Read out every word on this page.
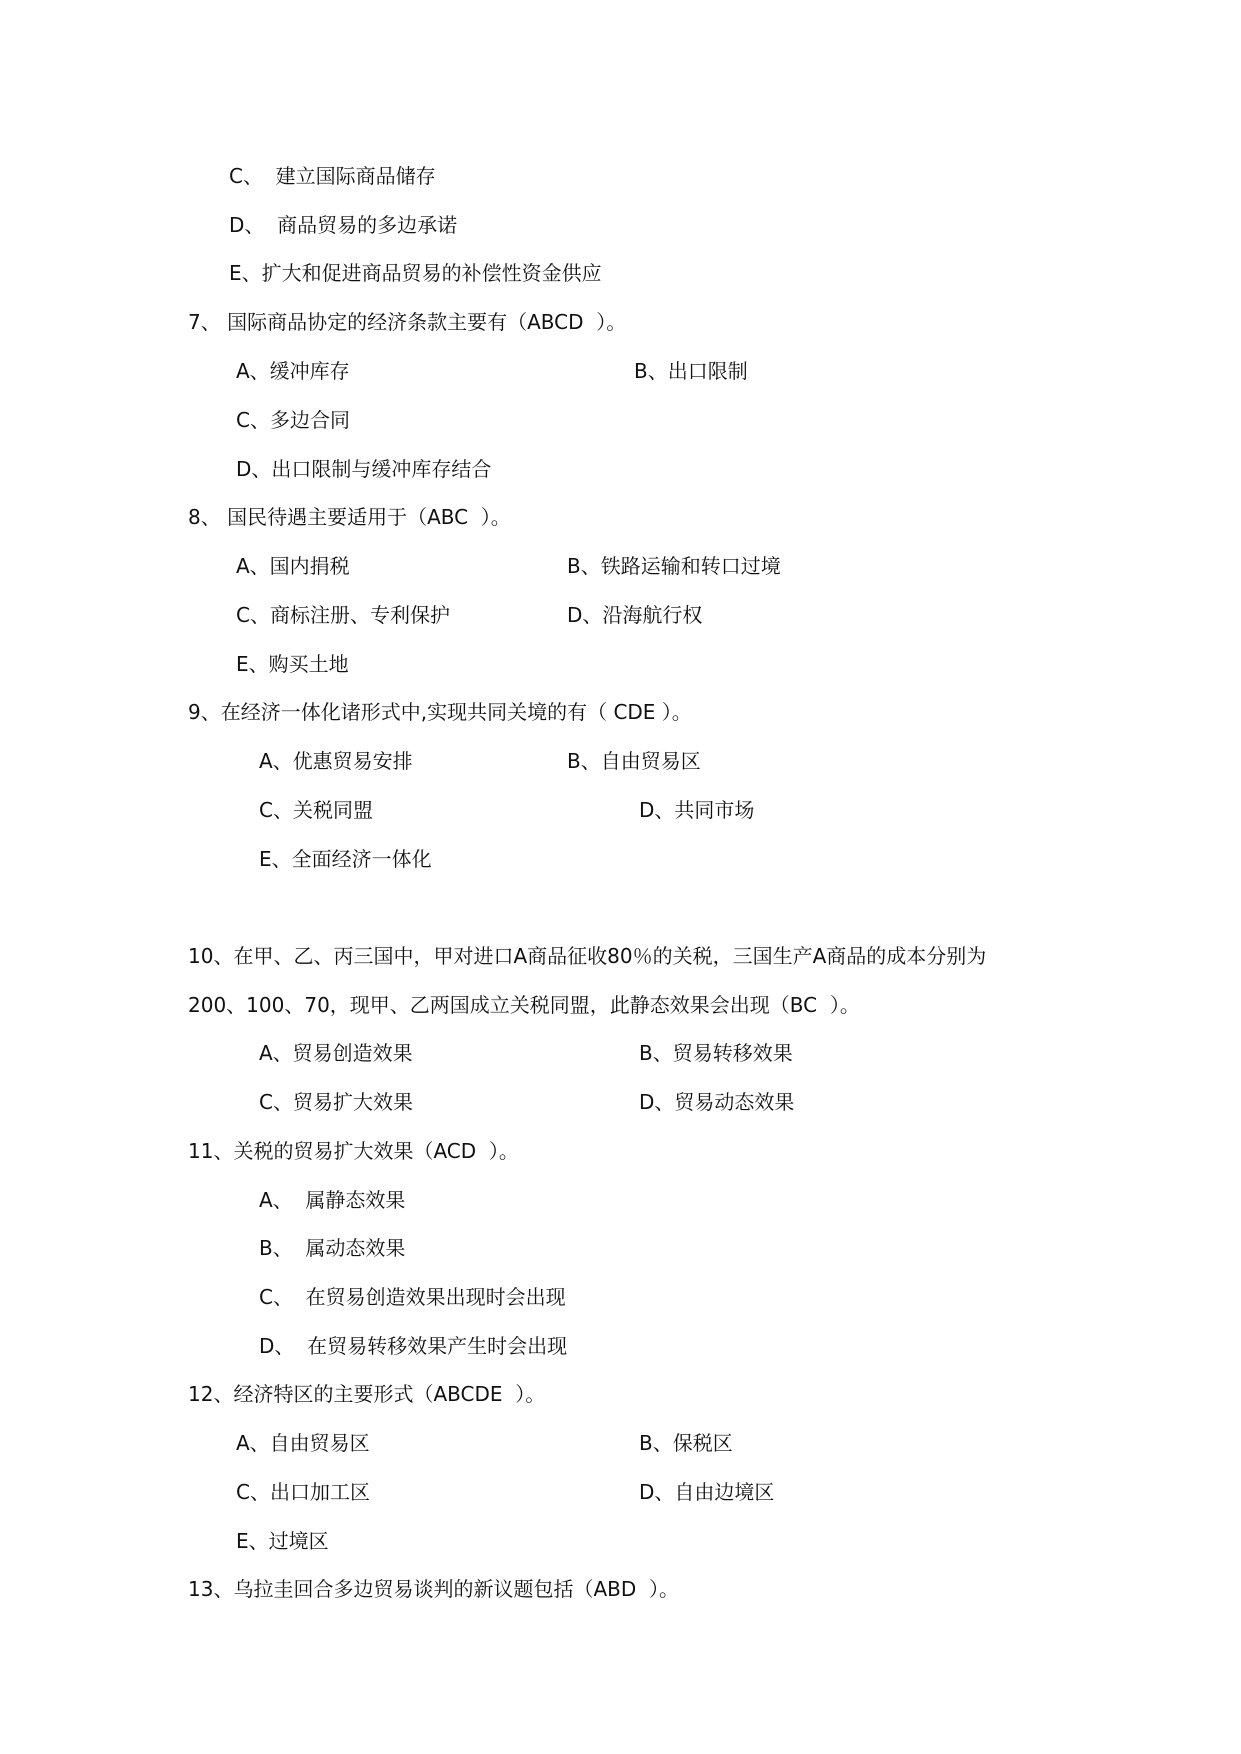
C、  建立国际商品储存
D、  商品贸易的多边承诺
E、扩大和促进商品贸易的补偿性资金供应
7、 国际商品协定的经济条款主要有（ABCD  ）。
A、缓冲库存	B、出口限制
C、多边合同
D、出口限制与缓冲库存结合
8、 国民待遇主要适用于（ABC  ）。
A、国内捐税	B、铁路运输和转口过境
C、商标注册、专利保护	D、沿海航行权
E、购买土地
9、在经济一体化诸形式中,实现共同关境的有（ CDE ）。
A、优惠贸易安排	B、自由贸易区
C、关税同盟	D、共同市场
E、全面经济一体化
10、在甲、乙、丙三国中，甲对进口A商品征收80％的关税，三国生产A商品的成本分别为
200、100、70，现甲、乙两国成立关税同盟，此静态效果会出现（BC  ）。
A、贸易创造效果	B、贸易转移效果
C、贸易扩大效果	D、贸易动态效果
11、关税的贸易扩大效果（ACD  ）。
A、  属静态效果
B、  属动态效果
C、  在贸易创造效果出现时会出现
D、  在贸易转移效果产生时会出现
12、经济特区的主要形式（ABCDE  ）。
A、自由贸易区	B、保税区
C、出口加工区	D、自由边境区
E、过境区
13、乌拉圭回合多边贸易谈判的新议题包括（ABD  ）。
